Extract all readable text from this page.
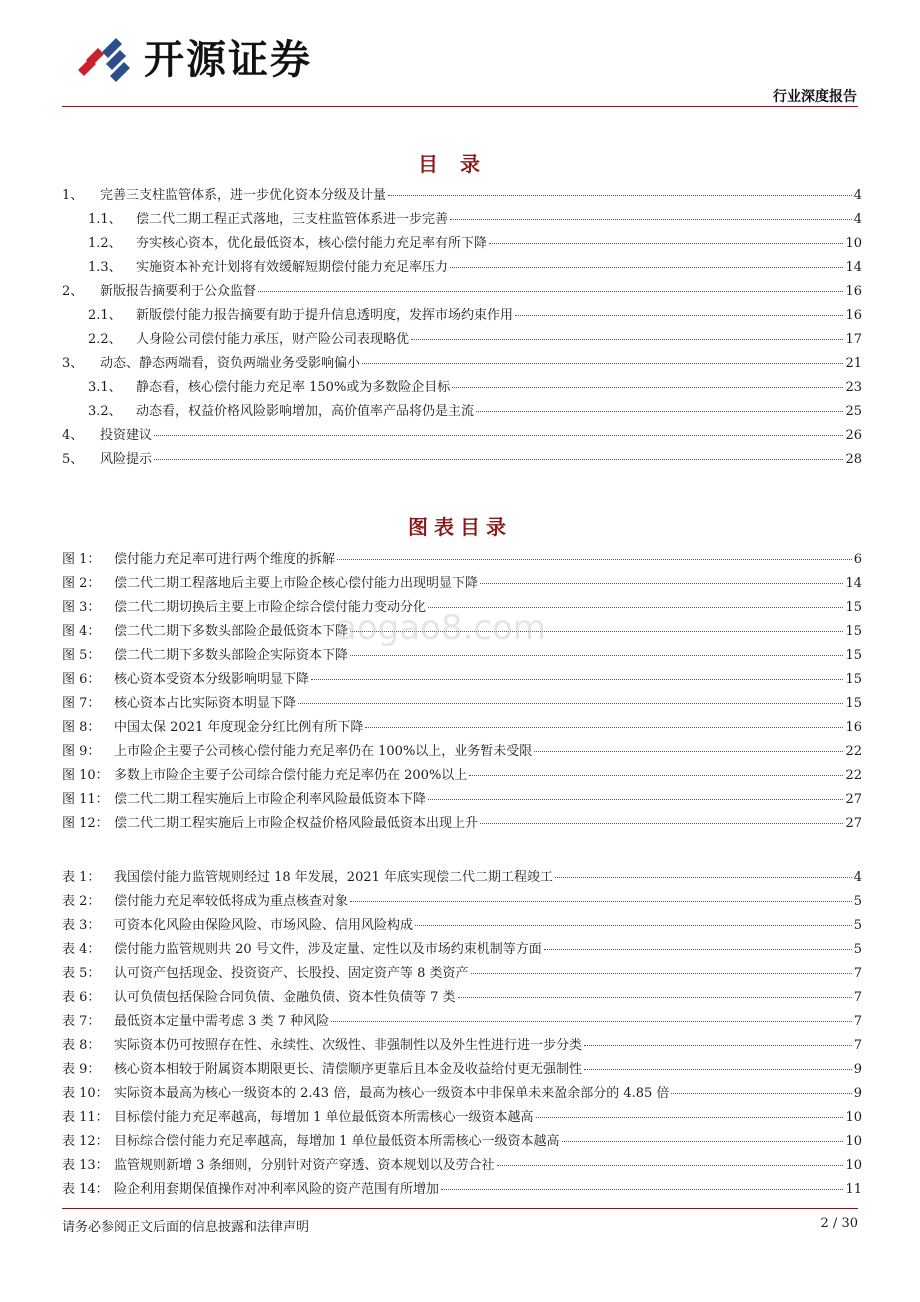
开源证券
行业深度报告
目录
1、	完善三支柱监管体系，进一步优化资本分级及计量	4
1.1、	偿二代二期工程正式落地，三支柱监管体系进一步完善	4
1.2、	夯实核心资本，优化最低资本，核心偿付能力充足率有所下降	10
1.3、	实施资本补充计划将有效缓解短期偿付能力充足率压力	14
2、	新版报告摘要利于公众监督	16
2.1、	新版偿付能力报告摘要有助于提升信息透明度，发挥市场约束作用	16
2.2、	人身险公司偿付能力承压，财产险公司表现略优	17
3、	动态、静态两端看，资负两端业务受影响偏小	21
3.1、	静态看，核心偿付能力充足率 150%或为多数险企目标	23
3.2、	动态看，权益价格风险影响增加，高价值率产品将仍是主流	25
4、	投资建议	26
5、	风险提示	28
图表目录
图 1：	偿付能力充足率可进行两个维度的拆解	6
图 2：	偿二代二期工程落地后主要上市险企核心偿付能力出现明显下降	14
图 3：	偿二代二期切换后主要上市险企综合偿付能力变动分化	15
图 4：	偿二代二期下多数头部险企最低资本下降	15
图 5：	偿二代二期下多数头部险企实际资本下降	15
图 6：	核心资本受资本分级影响明显下降	15
图 7：	核心资本占比实际资本明显下降	15
图 8：	中国太保 2021 年度现金分红比例有所下降	16
图 9：	上市险企主要子公司核心偿付能力充足率仍在 100%以上，业务暂未受限	22
图 10： 多数上市险企主要子公司综合偿付能力充足率仍在 200%以上	22
图 11： 偿二代二期工程实施后上市险企利率风险最低资本下降	27
图 12： 偿二代二期工程实施后上市险企权益价格风险最低资本出现上升	27
表 1：	我国偿付能力监管规则经过 18 年发展，2021 年底实现偿二代二期工程竣工	4
表 2：	偿付能力充足率较低将成为重点核查对象	5
表 3：	可资本化风险由保险风险、市场风险、信用风险构成	5
表 4：	偿付能力监管规则共 20 号文件，涉及定量、定性以及市场约束机制等方面	5
表 5：	认可资产包括现金、投资资产、长股投、固定资产等 8 类资产	7
表 6：	认可负债包括保险合同负债、金融负债、资本性负债等 7 类	7
表 7：	最低资本定量中需考虑 3 类 7 种风险	7
表 8：	实际资本仍可按照存在性、永续性、次级性、非强制性以及外生性进行进一步分类	7
表 9：	核心资本相较于附属资本期限更长、清偿顺序更靠后且本金及收益给付更无强制性	9
表 10： 实际资本最高为核心一级资本的 2.43 倍，最高为核心一级资本中非保单未来盈余部分的 4.85 倍	9
表 11： 目标偿付能力充足率越高，每增加 1 单位最低资本所需核心一级资本越高	10
表 12： 目标综合偿付能力充足率越高，每增加 1 单位最低资本所需核心一级资本越高	10
表 13： 监管规则新增 3 条细则，分别针对资产穿透、资本规划以及劳合社	10
表 14： 险企利用套期保值操作对冲利率风险的资产范围有所增加	11
aogao8.com
请务必参阅正文后面的信息披露和法律声明	2 / 30
